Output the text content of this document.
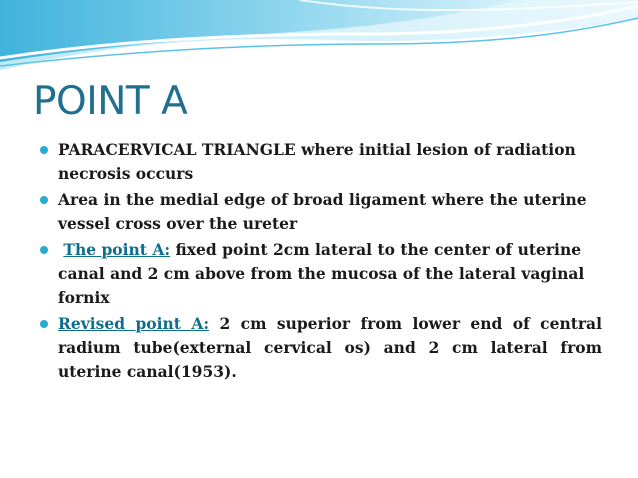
POINT A
PARACERVICAL TRIANGLE where initial lesion of radiation necrosis occurs
Area in the medial edge of broad ligament where the uterine vessel cross over the ureter
The point A: fixed point 2cm lateral to the center of uterine canal and 2 cm above from the mucosa of the lateral vaginal fornix
Revised point A: 2 cm superior from lower end of central radium tube(external cervical os) and 2 cm lateral from uterine canal(1953).
